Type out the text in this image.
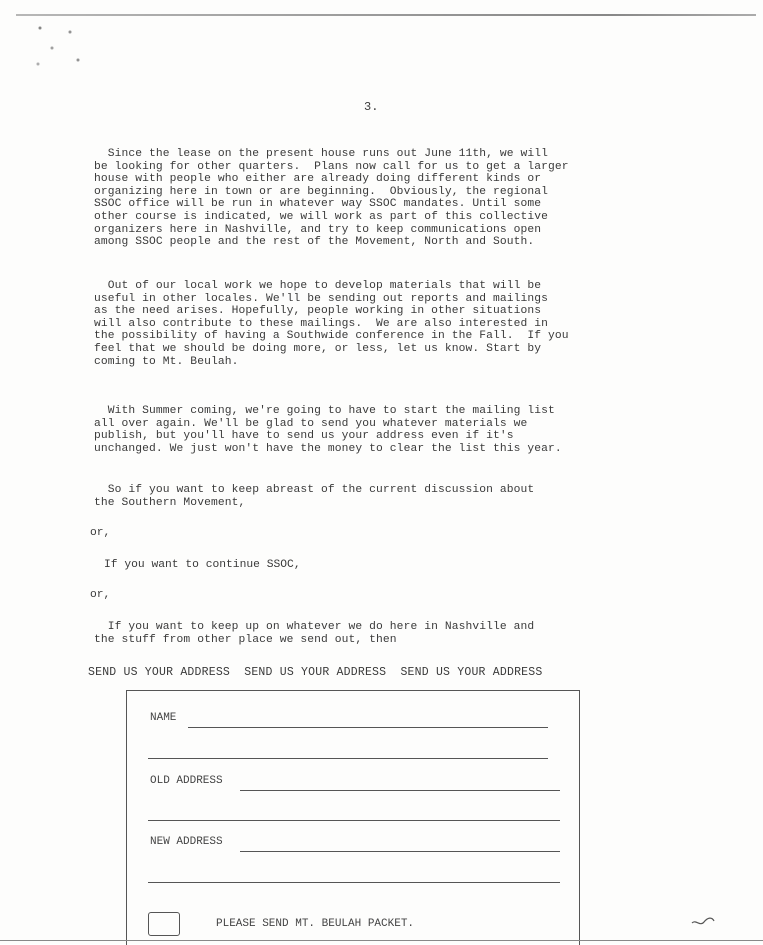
3.
Since the lease on the present house runs out June 11th, we will
be looking for other quarters.  Plans now call for us to get a larger
house with people who either are already doing different kinds or
organizing here in town or are beginning.  Obviously, the regional
SSOC office will be run in whatever way SSOC mandates. Until some
other course is indicated, we will work as part of this collective
organizers here in Nashville, and try to keep communications open
among SSOC people and the rest of the Movement, North and South.
Out of our local work we hope to develop materials that will be
useful in other locales. We'll be sending out reports and mailings
as the need arises. Hopefully, people working in other situations
will also contribute to these mailings.  We are also interested in
the possibility of having a Southwide conference in the Fall.  If you
feel that we should be doing more, or less, let us know. Start by
coming to Mt. Beulah.
With Summer coming, we're going to have to start the mailing list
all over again. We'll be glad to send you whatever materials we
publish, but you'll have to send us your address even if it's
unchanged. We just won't have the money to clear the list this year.
So if you want to keep abreast of the current discussion about
the Southern Movement,
or,
If you want to continue SSOC,
or,
If you want to keep up on whatever we do here in Nashville and
the stuff from other place we send out, then
SEND US YOUR ADDRESS  SEND US YOUR ADDRESS  SEND US YOUR ADDRESS
NAME
OLD ADDRESS
NEW ADDRESS
PLEASE SEND MT. BEULAH PACKET.
